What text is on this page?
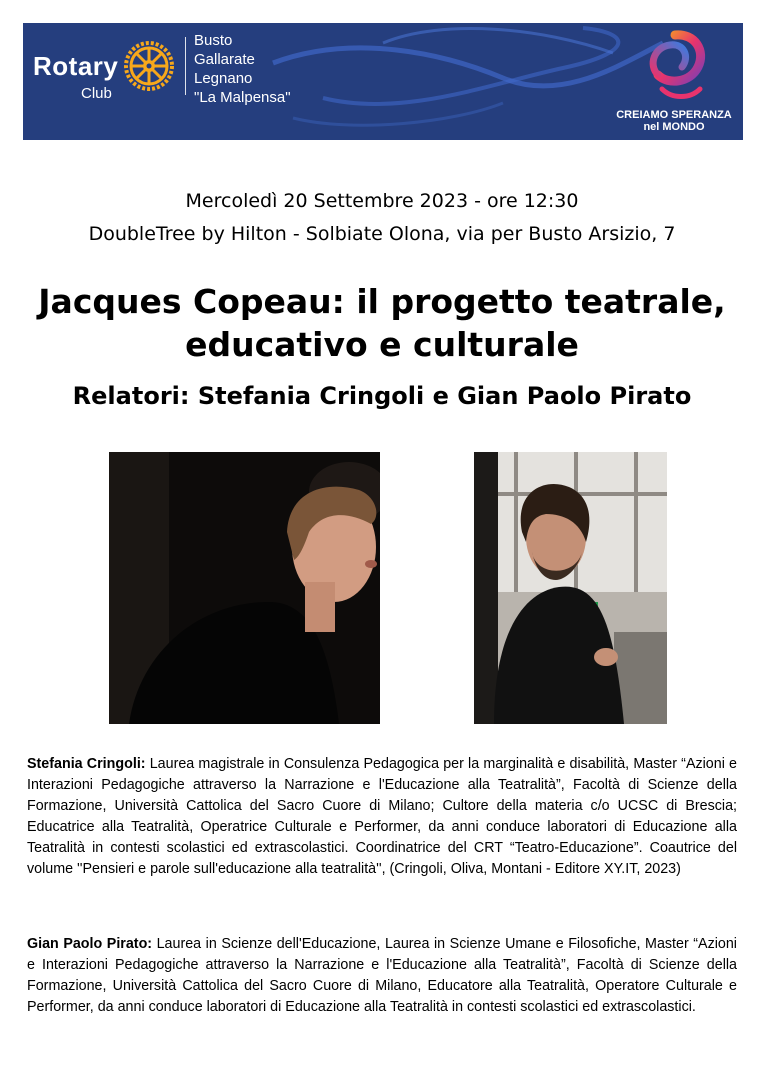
Rotary
Club
Busto
Gallarate
Legnano
"La Malpensa"
CREIAMO SPERANZA
nel MONDO
Mercoledì 20 Settembre 2023 - ore 12:30
DoubleTree by Hilton - Solbiate Olona, via per Busto Arsizio, 7
Jacques Copeau: il progetto teatrale,
educativo e culturale
Relatori: Stefania Cringoli e Gian Paolo Pirato
Stefania Cringoli: Laurea magistrale in Consulenza Pedagogica per la marginalità e disabilità, Master “Azioni e Interazioni Pedagogiche attraverso la Narrazione e l'Educazione alla Teatralità”, Facoltà di Scienze della Formazione, Università Cattolica del Sacro Cuore di Milano; Cultore della materia c/o UCSC di Brescia; Educatrice alla Teatralità, Operatrice Culturale e Performer, da anni conduce laboratori di Educazione alla Teatralità in contesti scolastici ed extrascolastici. Coordinatrice del CRT “Teatro-Educazione”. Coautrice del volume ''Pensieri e parole sull'educazione alla teatralità'', (Cringoli, Oliva, Montani - Editore XY.IT, 2023)
Gian Paolo Pirato: Laurea in Scienze dell'Educazione, Laurea in Scienze Umane e Filosofiche, Master “Azioni e Interazioni Pedagogiche attraverso la Narrazione e l'Educazione alla Teatralità”, Facoltà di Scienze della Formazione, Università Cattolica del Sacro Cuore di Milano, Educatore alla Teatralità, Operatore Culturale e Performer, da anni conduce laboratori di Educazione alla Teatralità in contesti scolastici ed extrascolastici.
